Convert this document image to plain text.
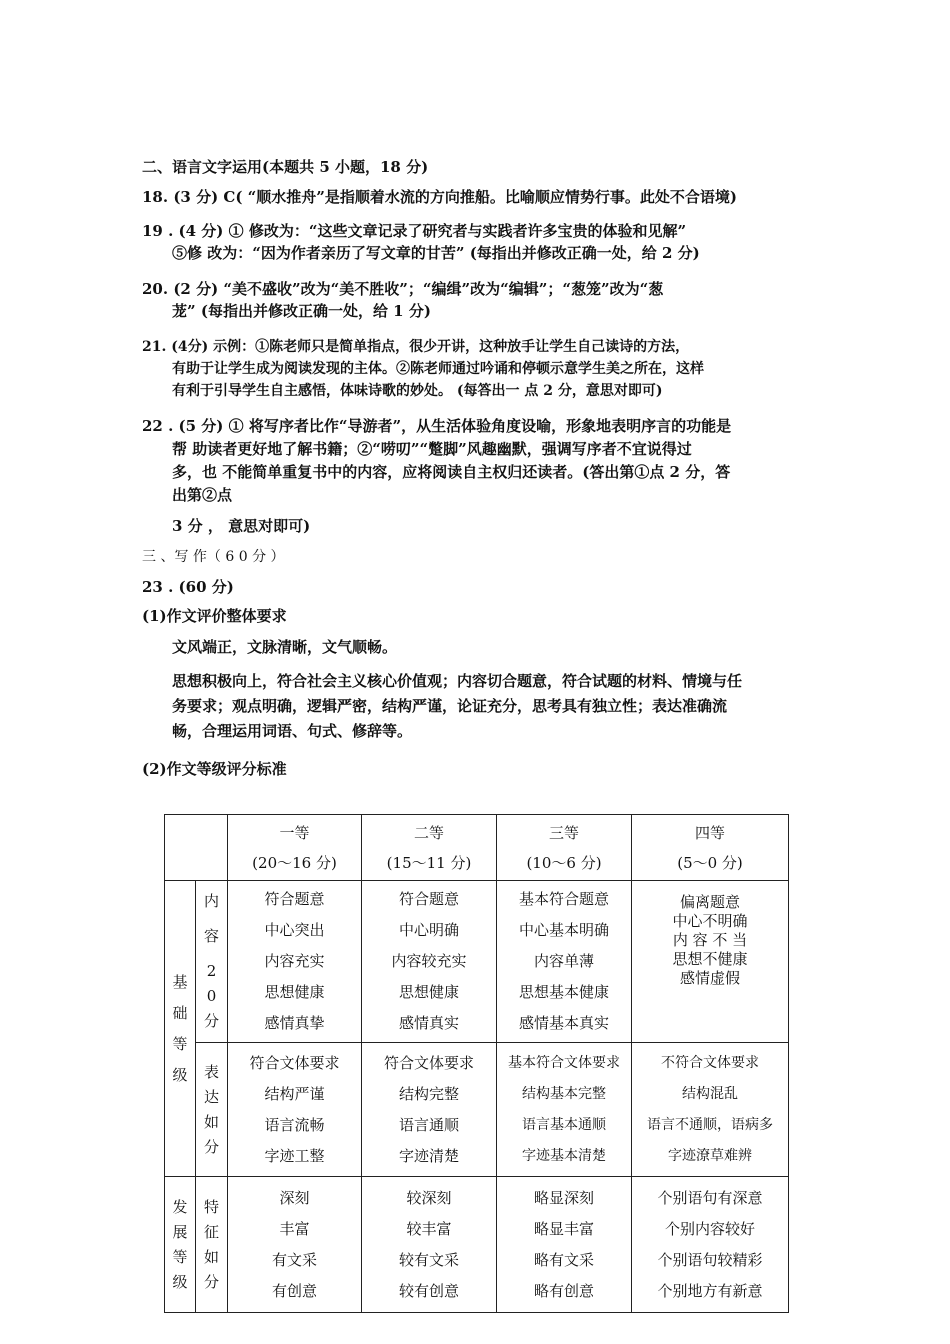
二、语言文字运用(本题共 5 小题，18 分)
18. (3 分) C( “顺水推舟”是指顺着水流的方向推船。比喻顺应情势行事。此处不合语境)
19 . (4 分) ① 修改为：“这些文章记录了研究者与实践者许多宝贵的体验和见解”
⑤修 改为：“因为作者亲历了写文章的甘苦” (每指出并修改正确一处，给 2 分)
20. (2 分) “美不盛收”改为“美不胜收”；“编缉”改为“编辑”；“葱笼”改为“葱
茏” (每指出并修改正确一处，给 1 分)
21. (4分) 示例：①陈老师只是简单指点，很少开讲，这种放手让学生自己读诗的方法，
有助于让学生成为阅读发现的主体。②陈老师通过吟诵和停顿示意学生美之所在，这样
有利于引导学生自主感悟，体味诗歌的妙处。 (每答出一 点 2 分，意思对即可)
22 . (5 分) ① 将写序者比作“导游者”，从生活体验角度设喻，形象地表明序言的功能是
帮 助读者更好地了解书籍；②“唠叨”“蹩脚”风趣幽默，强调写序者不宜说得过
多，也 不能简单重复书中的内容，应将阅读自主权归还读者。(答出第①点 2 分，答
出第②点
3 分 ， 意思对即可)
三 、写 作（ 6 0 分 ）
23 . (60 分)
(1)作文评价整体要求
文风端正，文脉清晰，文气顺畅。
思想积极向上，符合社会主义核心价值观；内容切合题意，符合试题的材料、情境与任
务要求；观点明确，逻辑严密，结构严谨，论证充分，思考具有独立性；表达准确流
畅，合理运用词语、句式、修辞等。
(2)作文等级评分标准

		一等
(20～16 分)	二等
(15～11 分)	三等
(10～6 分)	四等
(5～0 分)

基
础
等
级	内
容
2
0
分	符合题意
中心突出
内容充实
思想健康
感情真挚	符合题意
中心明确
内容较充实
思想健康
感情真实	基本符合题意
中心基本明确
内容单薄
思想基本健康
感情基本真实	偏离题意
中心不明确
内 容 不 当
思想不健康
感情虚假

	表
达
如
分	符合文体要求
结构严谨
语言流畅
字迹工整	符合文体要求
结构完整
语言通顺
字迹清楚	基本符合文体要求
结构基本完整
语言基本通顺
字迹基本清楚	不符合文体要求
结构混乱
语言不通顺，语病多
字迹潦草难辨

发
展
等
级	特
征
如
分	深刻
丰富
有文采
有创意	较深刻
较丰富
较有文采
较有创意	略显深刻
略显丰富
略有文采
略有创意	个别语句有深意
个别内容较好
个别语句较精彩
个别地方有新意
